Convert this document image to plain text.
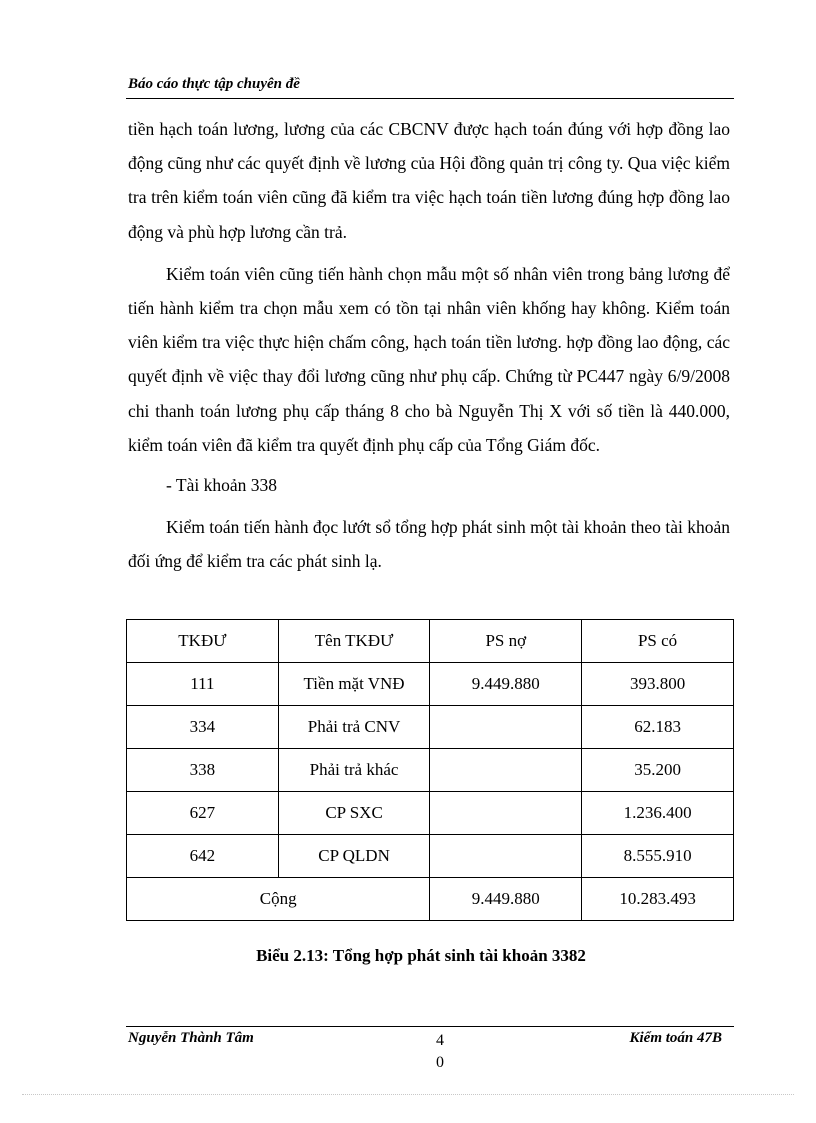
Báo cáo thực tập chuyên đề

tiền hạch toán lương, lương của các CBCNV được hạch toán đúng với hợp đồng lao động cũng như các quyết định về lương của Hội đồng quản trị công ty. Qua việc kiểm tra trên kiểm toán viên cũng đã kiểm tra việc hạch toán tiền lương đúng hợp đồng lao động và phù hợp lương cần trả.

Kiểm toán viên cũng tiến hành chọn mẫu một số nhân viên trong bảng lương để tiến hành kiểm tra chọn mẫu xem có tồn tại nhân viên khống hay không. Kiểm toán viên kiểm tra việc thực hiện chấm công, hạch toán tiền lương. hợp đồng lao động, các quyết định về việc thay đổi lương cũng như phụ cấp. Chứng từ PC447 ngày 6/9/2008 chi thanh toán lương phụ cấp tháng 8 cho bà Nguyễn Thị X với số tiền là 440.000, kiểm toán viên đã kiểm tra quyết định phụ cấp của Tổng Giám đốc.

- Tài khoản 338

Kiểm toán tiến hành đọc lướt sổ tổng hợp phát sinh một tài khoản theo tài khoản đối ứng để kiểm tra các phát sinh lạ.

TKĐƯ	Tên TKĐƯ	PS nợ	PS có
111	Tiền mặt VNĐ	9.449.880	393.800
334	Phải trả CNV		62.183
338	Phải trả khác		35.200
627	CP SXC		1.236.400
642	CP QLDN		8.555.910
Cộng		9.449.880	10.283.493
Biểu 2.13: Tổng hợp phát sinh tài khoản 3382
Nguyễn Thành Tâm	4
0
Kiểm toán 47B
